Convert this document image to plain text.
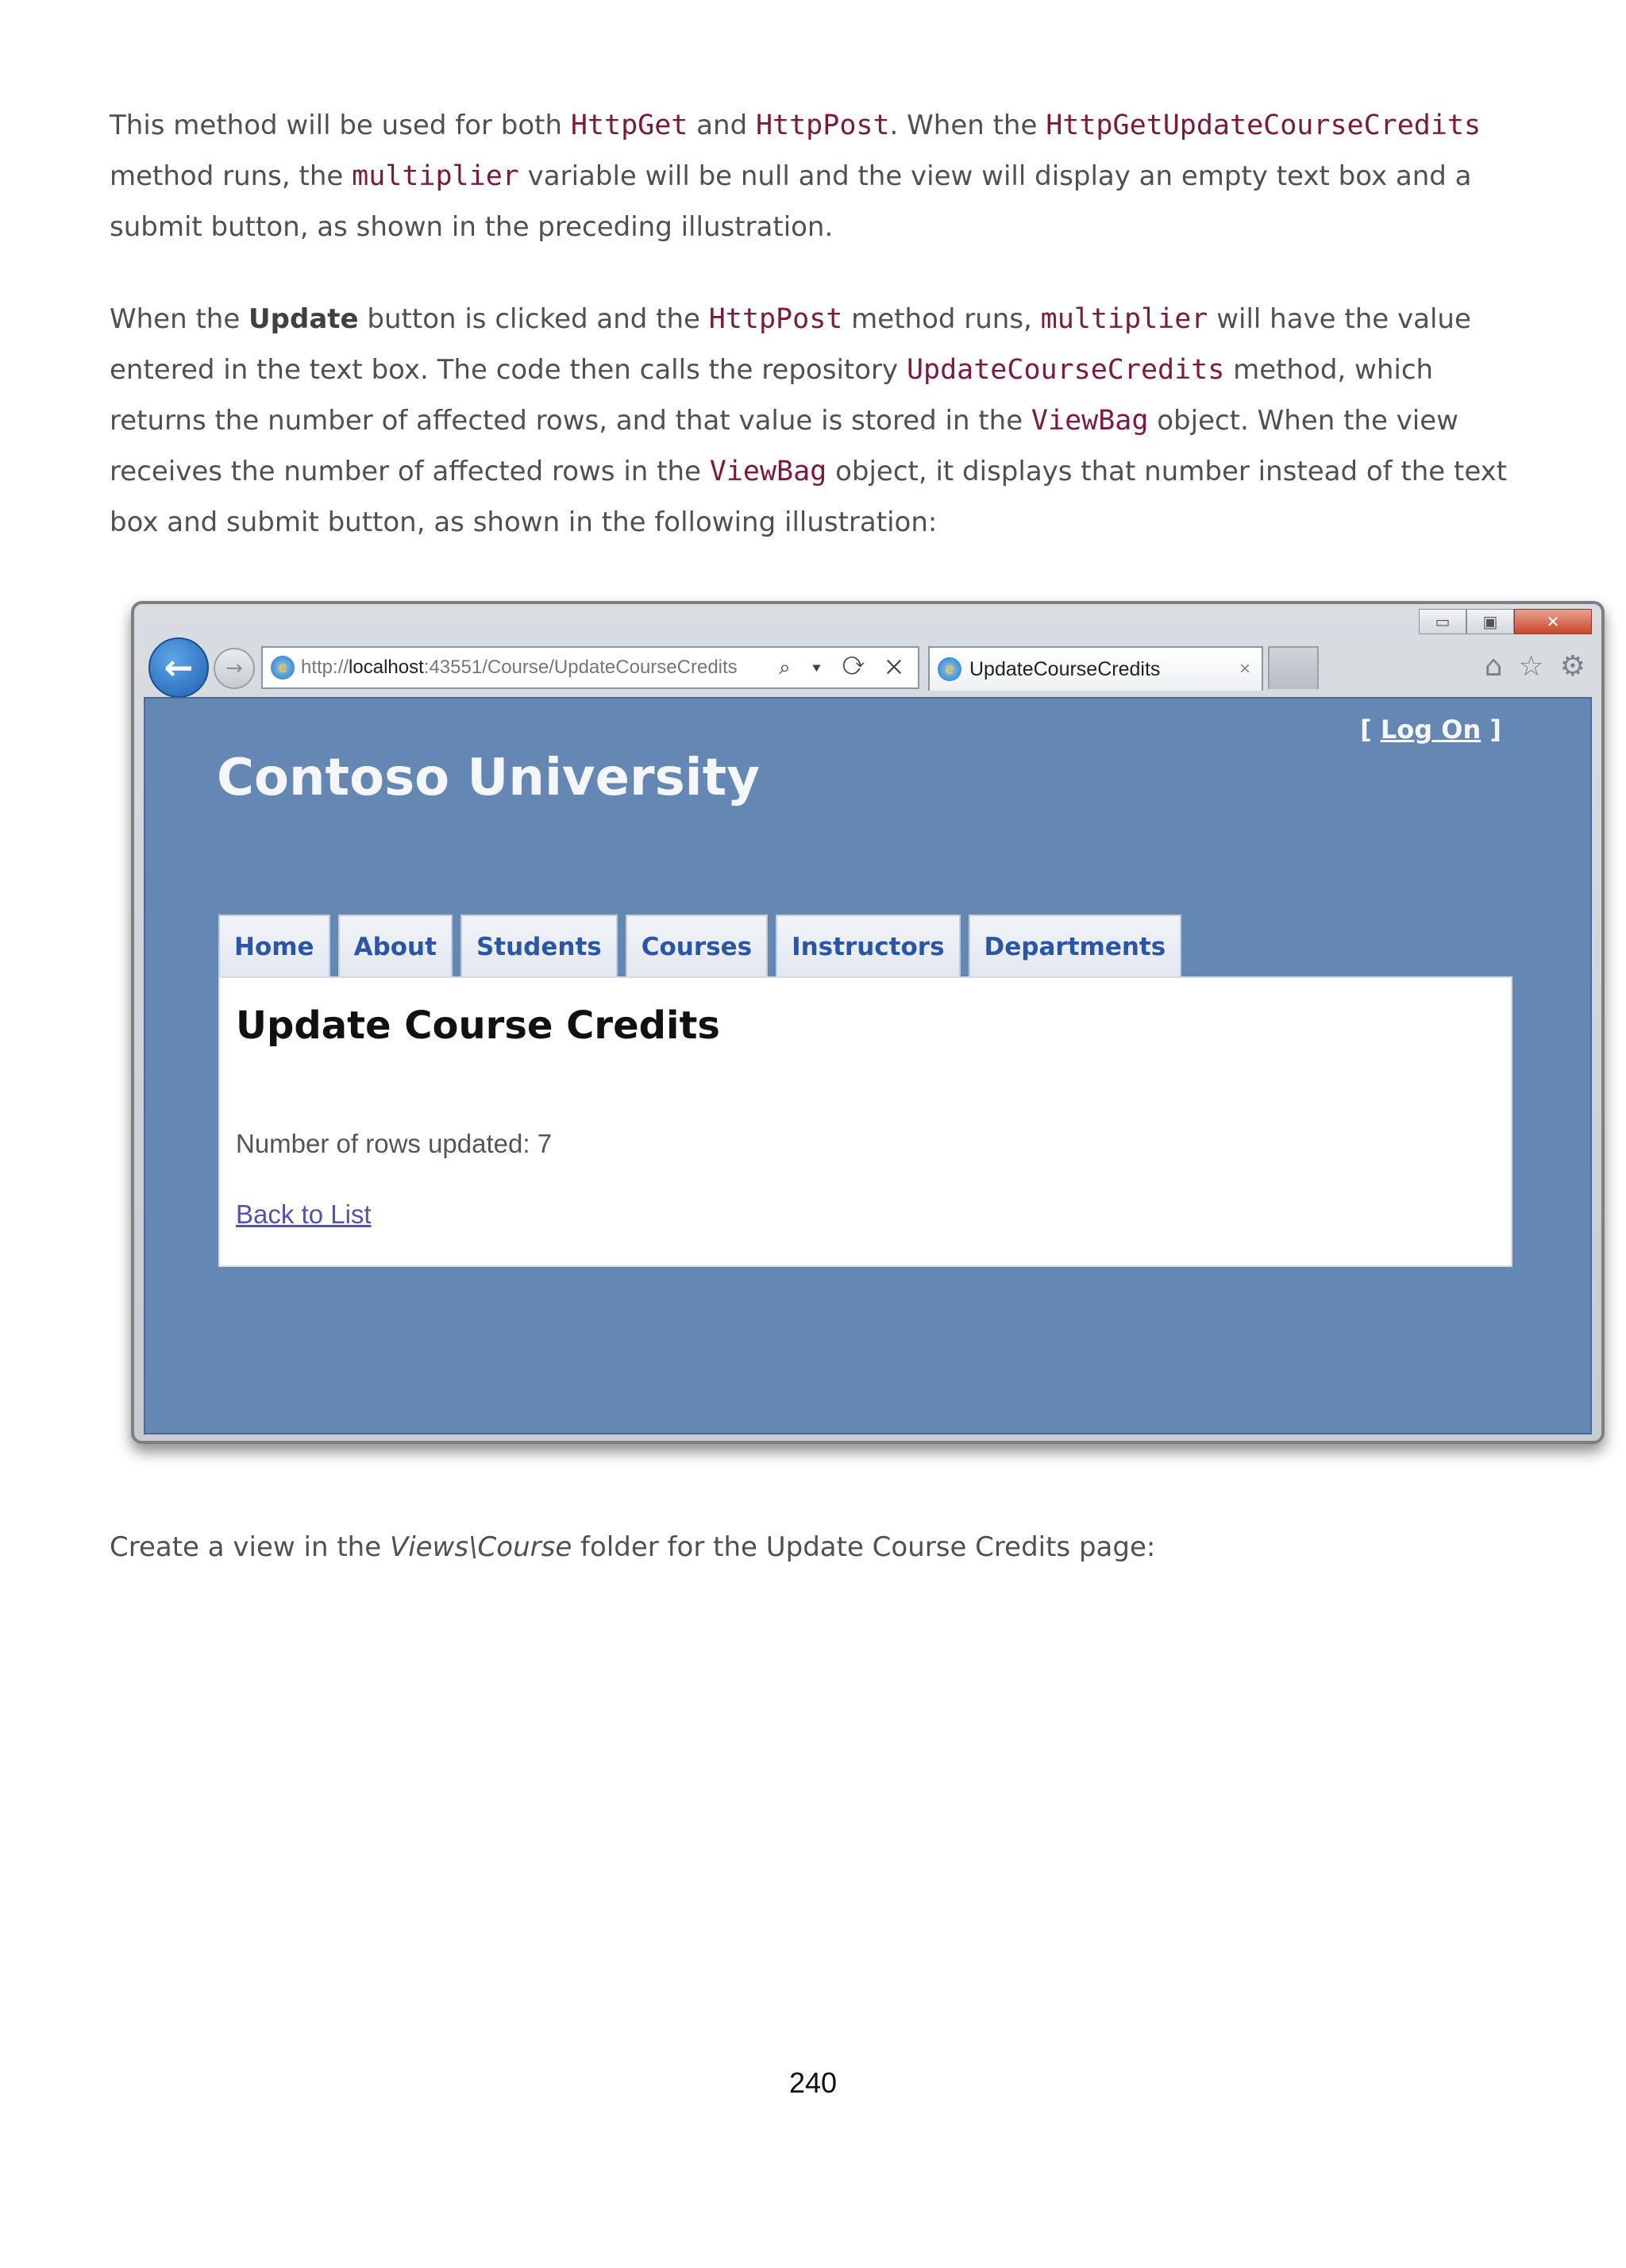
This method will be used for both HttpGet and HttpPost. When the HttpGetUpdateCourseCredits method runs, the multiplier variable will be null and the view will display an empty text box and a submit button, as shown in the preceding illustration.

When the Update button is clicked and the HttpPost method runs, multiplier will have the value entered in the text box. The code then calls the repository UpdateCourseCredits method, which returns the number of affected rows, and that value is stored in the ViewBag object. When the view receives the number of affected rows in the ViewBag object, it displays that number instead of the text box and submit button, as shown in the following illustration:

▭	▣	✕
←	→	e http:// localhost :43551/Course/UpdateCourseCredits ⌕ ▾ ⟳ ✕	e UpdateCourseCredits	×	⌂ ☆ ⚙
[ Log On ]
Contoso University
Home	About	Students	Courses	Instructors	Departments
Update Course Credits
Number of rows updated: 7
Back to List

Create a view in the Views\Course folder for the Update Course Credits page:

240
